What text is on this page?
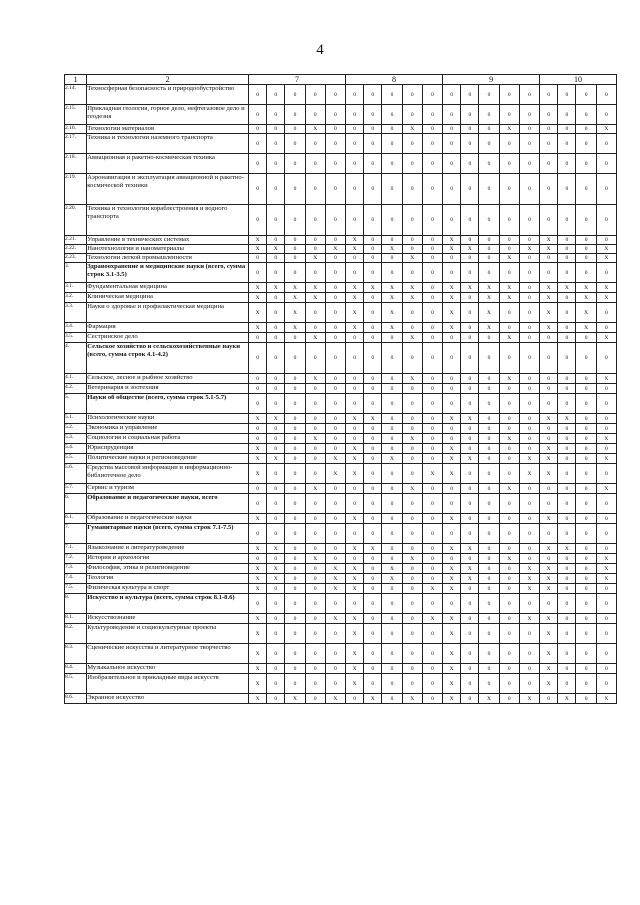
4
1	2	7					8					9					10			
2.14.	Техносферная безопасность и природообустройство	0	0	0	0	0	0	0	0	0	0	0	0	0	0	0	0	0	0	0
2.15.	Прикладная геология, горное дело, нефтегазовое дело и геодезия	0	0	0	0	0	0	0	0	0	0	0	0	0	0	0	0	0	0	0
2.16.	Технологии материалов	0	0	0	X	0	0	0	0	X	0	0	0	0	X	0	0	0	0	X
2.17.	Техника и технологии наземного транспорта	0	0	0	0	0	0	0	0	0	0	0	0	0	0	0	0	0	0	0
2.18.	Авиационная и ракетно-космическая техника	0	0	0	0	0	0	0	0	0	0	0	0	0	0	0	0	0	0	0
2.19.	Аэронавигация и эксплуатация авиационной и ракетно-космической техники	0	0	0	0	0	0	0	0	0	0	0	0	0	0	0	0	0	0	0
2.20.	Техника и технологии кораблестроения и водного транспорта	0	0	0	0	0	0	0	0	0	0	0	0	0	0	0	0	0	0	0
2.21.	Управление в технических системах	X	0	0	0	0	X	0	0	0	0	X	0	0	0	0	X	0	0	0
2.22.	Нанотехнологии и наноматериалы	X	X	0	0	X	X	0	X	0	0	X	X	0	0	X	X	0	0	X
2.23.	Технологии легкой промышленности	0	0	0	X	0	0	0	0	X	0	0	0	0	X	0	0	0	0	X
3.	Здравоохранение и медицинские науки (всего, сумма строк 3.1-3.5)	0	0	0	0	0	0	0	0	0	0	0	0	0	0	0	0	0	0	0
3.1.	Фундаментальная медицина	X	X	X	X	0	X	X	X	X	0	X	X	X	X	0	X	X	X	X
3.2.	Клиническая медицина	X	0	X	X	0	X	0	X	X	0	X	0	X	X	0	X	0	X	X
3.3.	Науки о здоровье и профилактическая медицина	X	0	X	0	0	X	0	X	0	0	X	0	X	0	0	X	0	X	0
3.4.	Фармация	X	0	X	0	0	X	0	X	0	0	X	0	X	0	0	X	0	X	0
3.5.	Сестринское дело	0	0	0	X	0	0	0	0	X	0	0	0	0	X	0	0	0	0	X
4.	Сельское хозяйство и сельскохозяйственные науки (всего, сумма строк 4.1-4.2)	0	0	0	0	0	0	0	0	0	0	0	0	0	0	0	0	0	0	0
4.1.	Сельское, лесное и рыбное хозяйство	0	0	0	X	0	0	0	0	X	0	0	0	0	X	0	0	0	0	X
4.2.	Ветеринария и зоотехния	0	0	0	0	0	0	0	0	0	0	0	0	0	0	0	0	0	0	0
5.	Науки об обществе (всего, сумма строк 5.1-5.7)	0	0	0	0	0	0	0	0	0	0	0	0	0	0	0	0	0	0	0
5.1.	Психологические науки	X	X	0	0	0	X	X	0	0	0	X	X	0	0	0	X	X	0	0
5.2.	Экономика и управление	0	0	0	0	0	0	0	0	0	0	0	0	0	0	0	0	0	0	0
5.3.	Социология и социальная работа	0	0	0	X	0	0	0	0	X	0	0	0	0	X	0	0	0	0	X
5.4.	Юриспруденция	X	0	0	0	0	X	0	0	0	0	X	0	0	0	0	X	0	0	0
5.5.	Политические науки и регионоведение	X	X	0	0	X	X	0	X	0	0	X	X	0	0	X	X	0	0	X
5.6.	Средства массовой информации и информационно-библиотечное дело	X	0	0	0	X	X	0	0	0	X	X	0	0	0	X	X	0	0	0
5.7.	Сервис и туризм	0	0	0	X	0	0	0	0	X	0	0	0	0	X	0	0	0	0	X
6.	Образование и педагогические науки, всего	0	0	0	0	0	0	0	0	0	0	0	0	0	0	0	0	0	0	0
6.1.	Образование и педагогические науки	X	0	0	0	0	X	0	0	0	0	X	0	0	0	0	X	0	0	0
7.	Гуманитарные науки (всего, сумма строк 7.1-7.5)	0	0	0	0	0	0	0	0	0	0	0	0	0	0	0	0	0	0	0
7.1.	Языкознание и литературоведение	X	X	0	0	0	X	X	0	0	0	X	X	0	0	0	X	X	0	0
7.2.	История и археология	0	0	0	X	0	0	0	0	X	0	0	0	0	X	0	0	0	0	X
7.3.	Философия, этика и религиоведение	X	X	0	0	X	X	0	X	0	0	X	X	0	0	X	X	0	0	X
7.4.	Теология	X	X	0	0	X	X	0	X	0	0	X	X	0	0	X	X	0	0	X
7.5.	Физическая культура и спорт	X	0	0	0	X	X	0	0	0	X	X	0	0	0	X	X	0	0	0
8.	Искусство и культура (всего, сумма строк 8.1-8.6)	0	0	0	0	0	0	0	0	0	0	0	0	0	0	0	0	0	0	0
8.1.	Искусствознание	X	0	0	0	X	X	0	0	0	X	X	0	0	0	X	X	0	0	0
8.2.	Культуроведение и социокультурные проекты	X	0	0	0	0	X	0	0	0	0	X	0	0	0	0	X	0	0	0
8.3.	Сценические искусства и литературное творчество	X	0	0	0	0	X	0	0	0	0	X	0	0	0	0	X	0	0	0
8.4.	Музыкальное искусство	X	0	0	0	0	X	0	0	0	0	X	0	0	0	0	X	0	0	0
8.5.	Изобразительное и прикладные виды искусств	X	0	0	0	0	X	0	0	0	0	X	0	0	0	0	X	0	0	0
8.6.	Экранное искусство	X	0	X	0	X	0	X	0	X	0	X	0	X	0	X	0	X	0	X
